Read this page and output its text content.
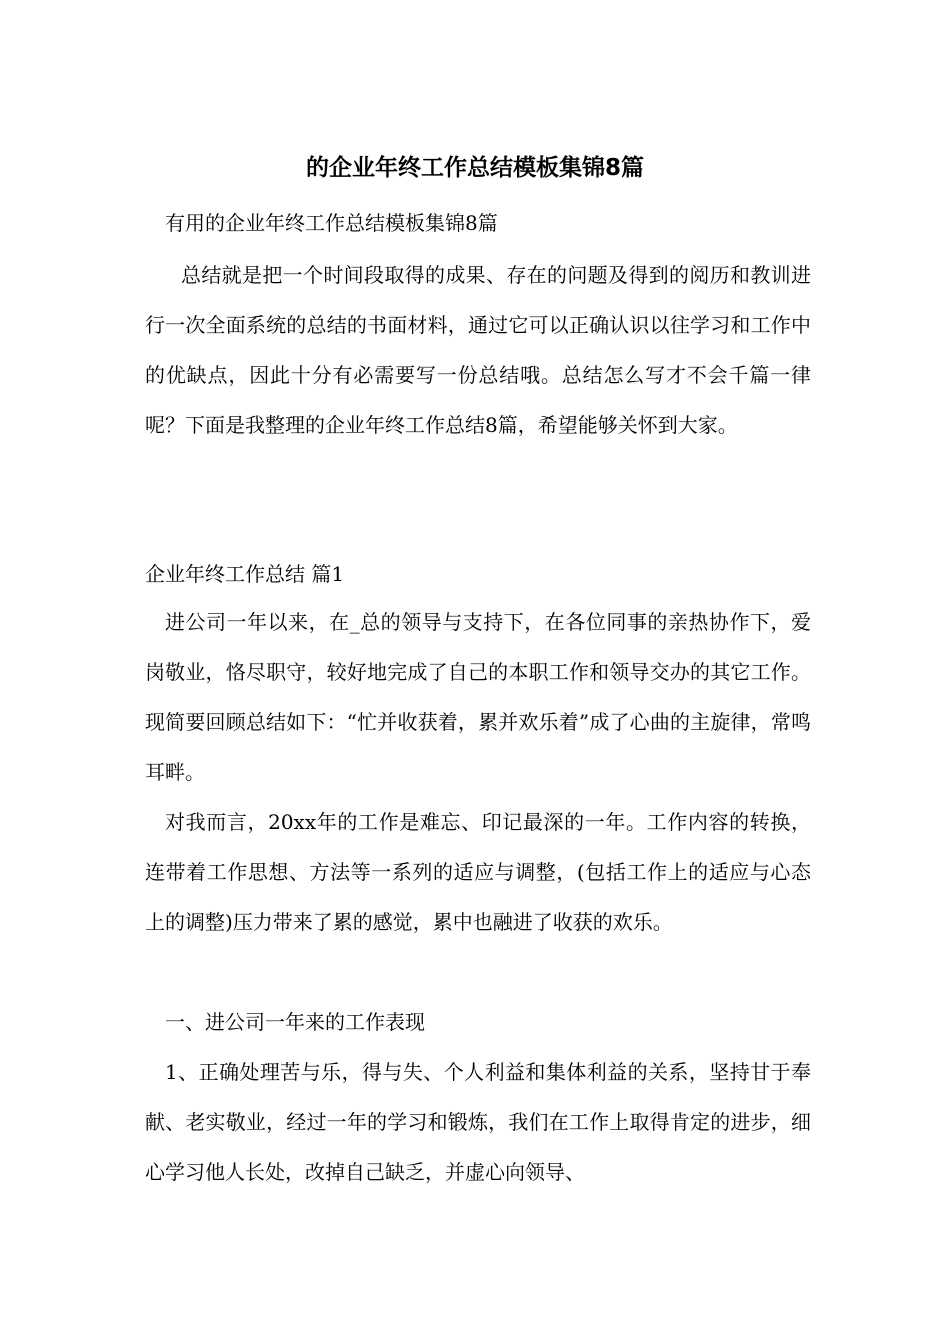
的企业年终工作总结模板集锦8篇
有用的企业年终工作总结模板集锦8篇
总结就是把一个时间段取得的成果、存在的问题及得到的阅历和教训进行一次全面系统的总结的书面材料，通过它可以正确认识以往学习和工作中的优缺点，因此十分有必需要写一份总结哦。总结怎么写才不会千篇一律呢？下面是我整理的企业年终工作总结8篇，希望能够关怀到大家。
企业年终工作总结 篇1
进公司一年以来，在_总的领导与支持下，在各位同事的亲热协作下，爱岗敬业，恪尽职守，较好地完成了自己的本职工作和领导交办的其它工作。现简要回顾总结如下：“忙并收获着，累并欢乐着”成了心曲的主旋律，常鸣耳畔。
对我而言，20xx年的工作是难忘、印记最深的一年。工作内容的转换，连带着工作思想、方法等一系列的适应与调整，(包括工作上的适应与心态上的调整)压力带来了累的感觉，累中也融进了收获的欢乐。
一、进公司一年来的工作表现
1、正确处理苦与乐，得与失、个人利益和集体利益的关系，坚持甘于奉献、老实敬业，经过一年的学习和锻炼，我们在工作上取得肯定的进步，细心学习他人长处，改掉自己缺乏，并虚心向领导、
